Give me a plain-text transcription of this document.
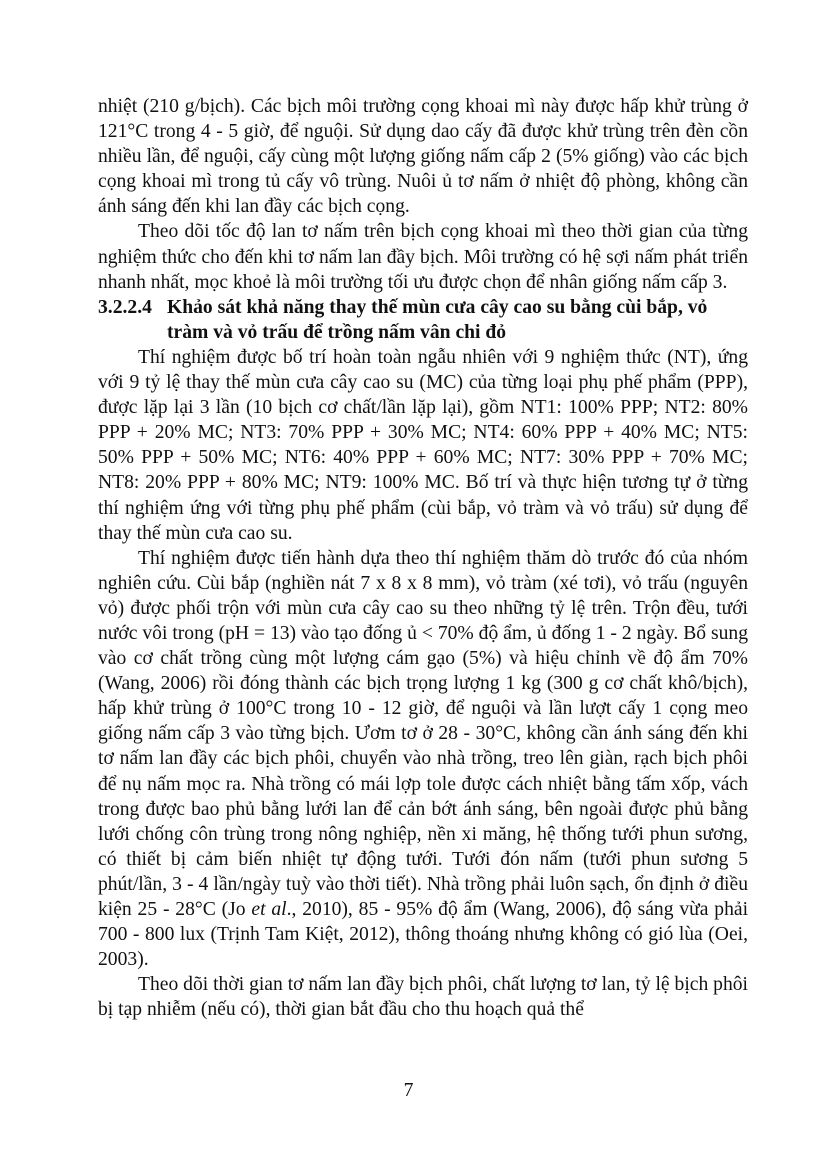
nhiệt (210 g/bịch). Các bịch môi trường cọng khoai mì này được hấp khử trùng ở 121°C trong 4 - 5 giờ, để nguội. Sử dụng dao cấy đã được khử trùng trên đèn cồn nhiều lần, để nguội, cấy cùng một lượng giống nấm cấp 2 (5% giống) vào các bịch cọng khoai mì trong tủ cấy vô trùng. Nuôi ủ tơ nấm ở nhiệt độ phòng, không cần ánh sáng đến khi lan đầy các bịch cọng.

Theo dõi tốc độ lan tơ nấm trên bịch cọng khoai mì theo thời gian của từng nghiệm thức cho đến khi tơ nấm lan đầy bịch. Môi trường có hệ sợi nấm phát triển nhanh nhất, mọc khoẻ là môi trường tối ưu được chọn để nhân giống nấm cấp 3.

3.2.2.4 Khảo sát khả năng thay thế mùn cưa cây cao su bằng cùi bắp, vỏ tràm và vỏ trấu để trồng nấm vân chi đỏ

Thí nghiệm được bố trí hoàn toàn ngẫu nhiên với 9 nghiệm thức (NT), ứng với 9 tỷ lệ thay thế mùn cưa cây cao su (MC) của từng loại phụ phế phẩm (PPP), được lặp lại 3 lần (10 bịch cơ chất/lần lặp lại), gồm NT1: 100% PPP; NT2: 80% PPP + 20% MC; NT3: 70% PPP + 30% MC; NT4: 60% PPP + 40% MC; NT5: 50% PPP + 50% MC; NT6: 40% PPP + 60% MC; NT7: 30% PPP + 70% MC; NT8: 20% PPP + 80% MC; NT9: 100% MC. Bố trí và thực hiện tương tự ở từng thí nghiệm ứng với từng phụ phế phẩm (cùi bắp, vỏ tràm và vỏ trấu) sử dụng để thay thế mùn cưa cao su.

Thí nghiệm được tiến hành dựa theo thí nghiệm thăm dò trước đó của nhóm nghiên cứu. Cùi bắp (nghiền nát 7 x 8 x 8 mm), vỏ tràm (xé tơi), vỏ trấu (nguyên vỏ) được phối trộn với mùn cưa cây cao su theo những tỷ lệ trên. Trộn đều, tưới nước vôi trong (pH = 13) vào tạo đống ủ < 70% độ ẩm, ủ đống 1 - 2 ngày. Bổ sung vào cơ chất trồng cùng một lượng cám gạo (5%) và hiệu chỉnh về độ ẩm 70% (Wang, 2006) rồi đóng thành các bịch trọng lượng 1 kg (300 g cơ chất khô/bịch), hấp khử trùng ở 100°C trong 10 - 12 giờ, để nguội và lần lượt cấy 1 cọng meo giống nấm cấp 3 vào từng bịch. Ươm tơ ở 28 - 30°C, không cần ánh sáng đến khi tơ nấm lan đầy các bịch phôi, chuyển vào nhà trồng, treo lên giàn, rạch bịch phôi để nụ nấm mọc ra. Nhà trồng có mái lợp tole được cách nhiệt bằng tấm xốp, vách trong được bao phủ bằng lưới lan để cản bớt ánh sáng, bên ngoài được phủ bằng lưới chống côn trùng trong nông nghiệp, nền xi măng, hệ thống tưới phun sương, có thiết bị cảm biến nhiệt tự động tưới. Tưới đón nấm (tưới phun sương 5 phút/lần, 3 - 4 lần/ngày tuỳ vào thời tiết). Nhà trồng phải luôn sạch, ổn định ở điều kiện 25 - 28°C (Jo et al., 2010), 85 - 95% độ ẩm (Wang, 2006), độ sáng vừa phải 700 - 800 lux (Trịnh Tam Kiệt, 2012), thông thoáng nhưng không có gió lùa (Oei, 2003).

Theo dõi thời gian tơ nấm lan đầy bịch phôi, chất lượng tơ lan, tỷ lệ bịch phôi bị tạp nhiễm (nếu có), thời gian bắt đầu cho thu hoạch quả thể

7
